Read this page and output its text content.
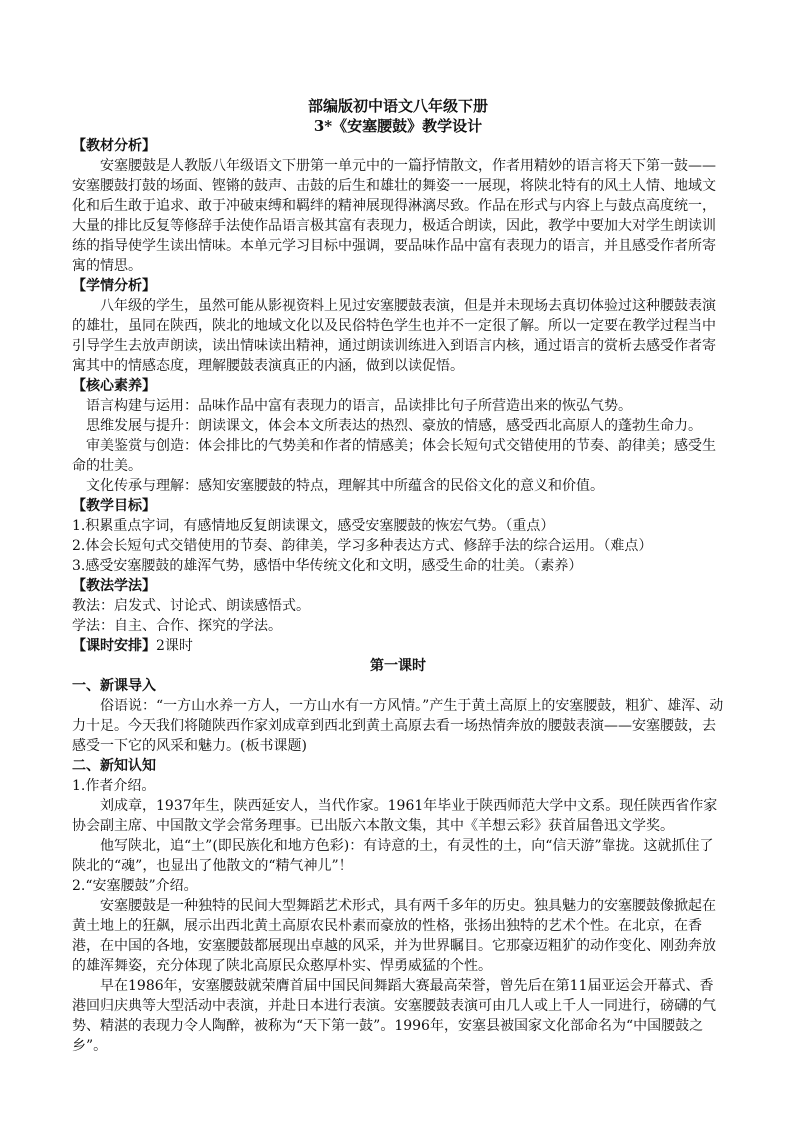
部编版初中语文八年级下册
3*《安塞腰鼓》教学设计
【教材分析】

安塞腰鼓是人教版八年级语文下册第一单元中的一篇抒情散文，作者用精妙的语言将天下第一鼓——安塞腰鼓打鼓的场面、铿锵的鼓声、击鼓的后生和雄壮的舞姿一一展现，将陕北特有的风土人情、地域文化和后生敢于追求、敢于冲破束缚和羁绊的精神展现得淋漓尽致。作品在形式与内容上与鼓点高度统一，大量的排比反复等修辞手法使作品语言极其富有表现力，极适合朗读，因此，教学中要加大对学生朗读训练的指导使学生读出情味。本单元学习目标中强调，要品味作品中富有表现力的语言，并且感受作者所寄寓的情思。

【学情分析】

八年级的学生，虽然可能从影视资料上见过安塞腰鼓表演，但是并未现场去真切体验过这种腰鼓表演的雄壮，虽同在陕西，陕北的地域文化以及民俗特色学生也并不一定很了解。所以一定要在教学过程当中引导学生去放声朗读，读出情味读出精神，通过朗读训练进入到语言内核，通过语言的赏析去感受作者寄寓其中的情感态度，理解腰鼓表演真正的内涵，做到以读促悟。

【核心素养】

语言构建与运用：品味作品中富有表现力的语言，品读排比句子所营造出来的恢弘气势。

思维发展与提升：朗读课文，体会本文所表达的热烈、豪放的情感，感受西北高原人的蓬勃生命力。

审美鉴赏与创造：体会排比的气势美和作者的情感美；体会长短句式交错使用的节奏、韵律美；感受生命的壮美。

文化传承与理解：感知安塞腰鼓的特点，理解其中所蕴含的民俗文化的意义和价值。

【教学目标】

1.积累重点字词，有感情地反复朗读课文，感受安塞腰鼓的恢宏气势。（重点）

2.体会长短句式交错使用的节奏、韵律美，学习多种表达方式、修辞手法的综合运用。（难点）

3.感受安塞腰鼓的雄浑气势，感悟中华传统文化和文明，感受生命的壮美。（素养）

【教法学法】

教法：启发式、讨论式、朗读感悟式。

学法：自主、合作、探究的学法。

【课时安排】2课时
第一课时
一、新课导入

俗语说：“一方山水养一方人，一方山水有一方风情。”产生于黄土高原上的安塞腰鼓，粗犷、雄浑、动力十足。今天我们将随陕西作家刘成章到西北到黄土高原去看一场热情奔放的腰鼓表演——安塞腰鼓，去感受一下它的风采和魅力。(板书课题)

二、新知认知

1.作者介绍。

刘成章，1937年生，陕西延安人，当代作家。1961年毕业于陕西师范大学中文系。现任陕西省作家协会副主席、中国散文学会常务理事。已出版六本散文集，其中《羊想云彩》获首届鲁迅文学奖。

他写陕北，追“土”(即民族化和地方色彩)：有诗意的土，有灵性的土，向“信天游”靠拢。这就抓住了陕北的“魂”，也显出了他散文的“精气神儿”！

2.“安塞腰鼓”介绍。

安塞腰鼓是一种独特的民间大型舞蹈艺术形式，具有两千多年的历史。独具魅力的安塞腰鼓像掀起在黄土地上的狂飙，展示出西北黄土高原农民朴素而豪放的性格，张扬出独特的艺术个性。在北京，在香港，在中国的各地，安塞腰鼓都展现出卓越的风采，并为世界瞩目。它那豪迈粗犷的动作变化、刚劲奔放的雄浑舞姿，充分体现了陕北高原民众憨厚朴实、悍勇威猛的个性。

早在1986年，安塞腰鼓就荣膺首届中国民间舞蹈大赛最高荣誉，曾先后在第11届亚运会开幕式、香港回归庆典等大型活动中表演，并赴日本进行表演。安塞腰鼓表演可由几人或上千人一同进行，磅礴的气势、精湛的表现力令人陶醉，被称为“天下第一鼓”。1996年，安塞县被国家文化部命名为“中国腰鼓之乡”。
